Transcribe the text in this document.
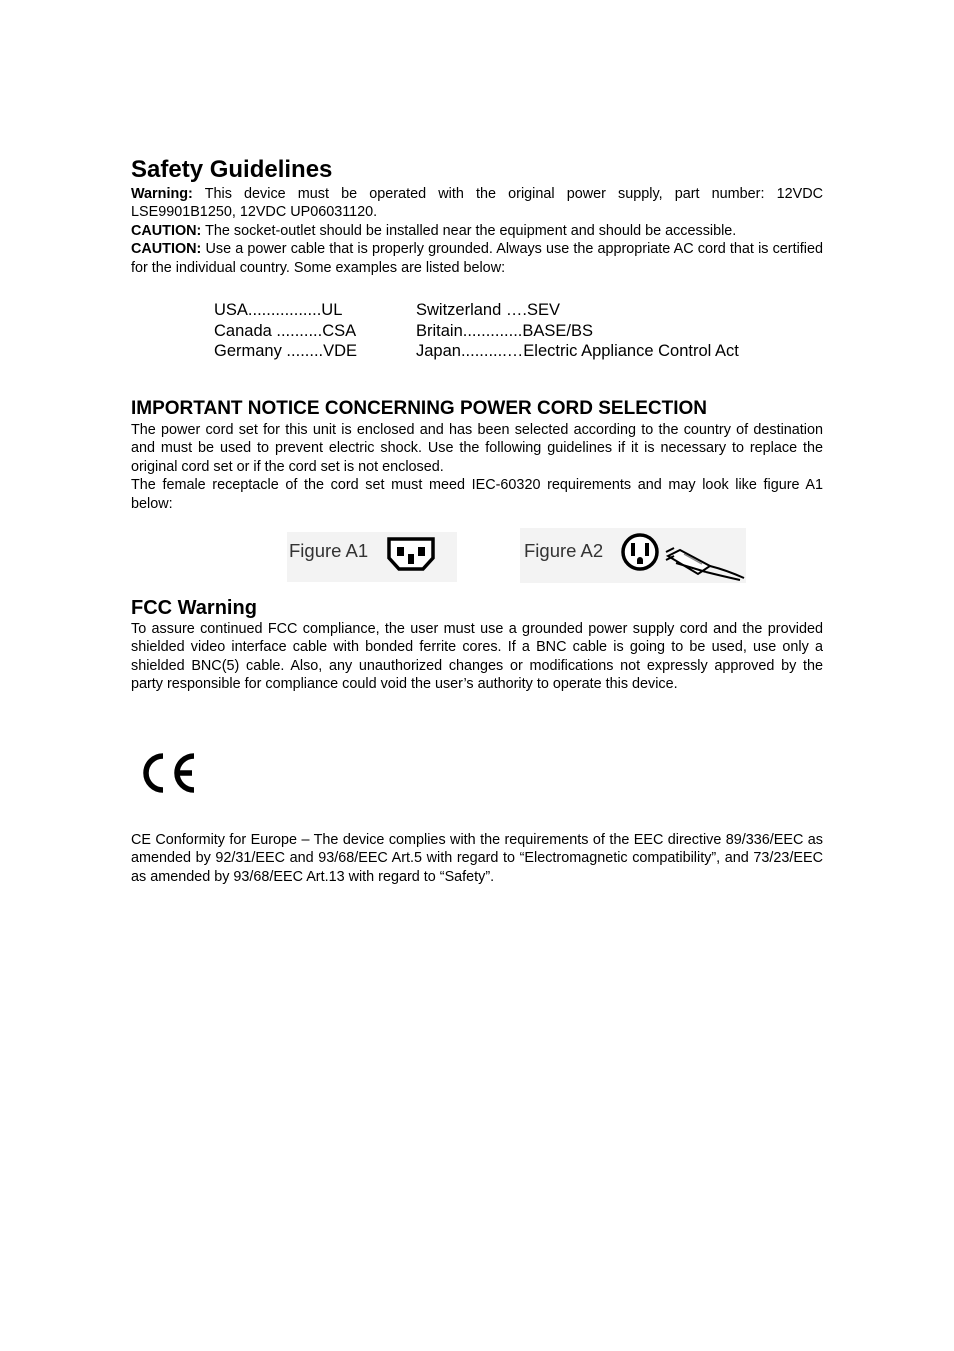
Safety Guidelines

Warning: This device must be operated with the original power supply, part number: 12VDC LSE9901B1250, 12VDC UP06031120.

CAUTION: The socket-outlet should be installed near the equipment and should be accessible.

CAUTION: Use a power cable that is properly grounded. Always use the appropriate AC cord that is certified for the individual country. Some examples are listed below:

USA................UL
Canada ..........CSA
Germany ........VDE
Switzerland ….SEV
Britain.............BASE/BS
Japan..........…Electric Appliance Control Act
IMPORTANT NOTICE CONCERNING POWER CORD SELECTION

The power cord set for this unit is enclosed and has been selected according to the country of destination and must be used to prevent electric shock. Use the following guidelines if it is necessary to replace the original cord set or if the cord set is not enclosed.

The female receptacle of the cord set must meed IEC-60320 requirements and may look like figure A1 below:

Figure A1	Figure A2
FCC Warning

To assure continued FCC compliance, the user must use a grounded power supply cord and the provided shielded video interface cable with bonded ferrite cores. If a BNC cable is going to be used, use only a shielded BNC(5) cable. Also, any unauthorized changes or modifications not expressly approved by the party responsible for compliance could void the user’s authority to operate this device.

CE Conformity for Europe – The device complies with the requirements of the EEC directive 89/336/EEC as amended by 92/31/EEC and 93/68/EEC Art.5 with regard to “Electromagnetic compatibility”, and 73/23/EEC as amended by 93/68/EEC Art.13 with regard to “Safety”.
